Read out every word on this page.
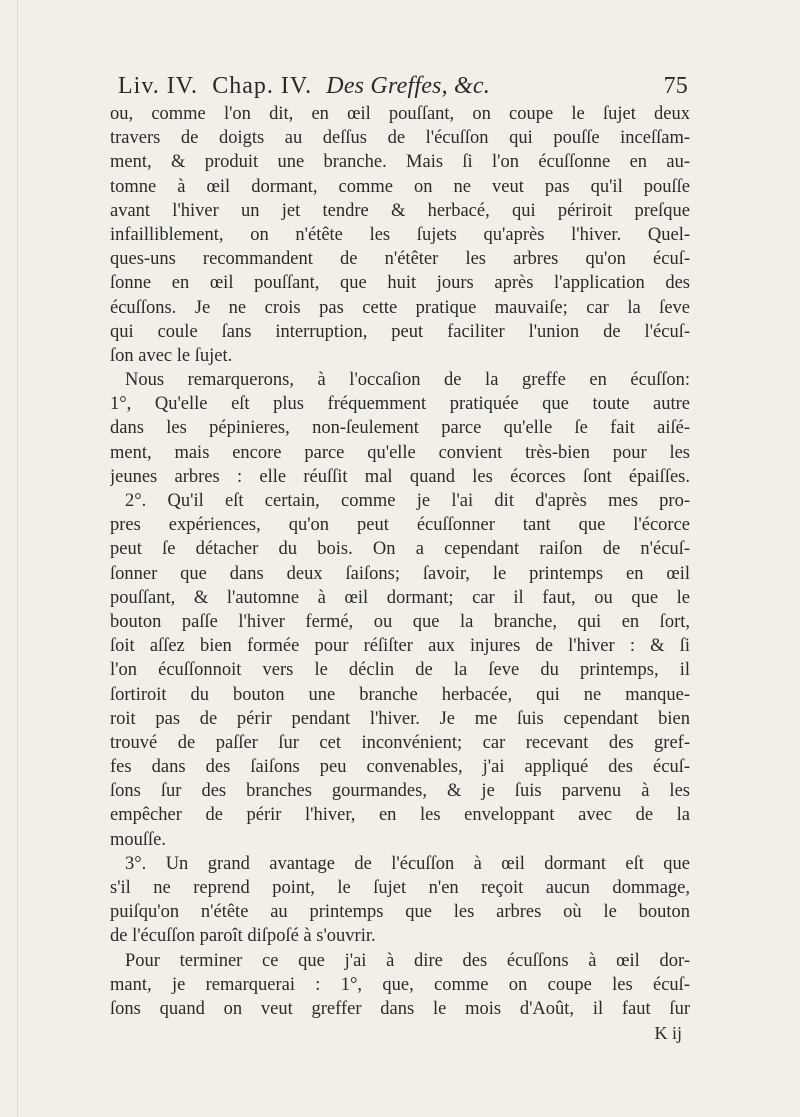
Liv. IV. Chap. IV. Des Greffes, &c.	75
ou, comme l'on dit, en œil pouſſant, on coupe le ſujet deux
travers de doigts au deſſus de l'écuſſon qui pouſſe inceſſam-
ment, & produit une branche. Mais ſi l'on écuſſonne en au-
tomne à œil dormant, comme on ne veut pas qu'il pouſſe
avant l'hiver un jet tendre & herbacé, qui périroit preſque
infailliblement, on n'étête les ſujets qu'après l'hiver. Quel-
ques-uns recommandent de n'étêter les arbres qu'on écuſ-
ſonne en œil pouſſant, que huit jours après l'application des
écuſſons. Je ne crois pas cette pratique mauvaiſe; car la ſeve
qui coule ſans interruption, peut faciliter l'union de l'écuſ-
ſon avec le ſujet.
Nous remarquerons, à l'occaſion de la greffe en écuſſon:
1°, Qu'elle eſt plus fréquemment pratiquée que toute autre
dans les pépinieres, non-ſeulement parce qu'elle ſe fait aiſé-
ment, mais encore parce qu'elle convient très-bien pour les
jeunes arbres : elle réuſſit mal quand les écorces ſont épaiſſes.
2°. Qu'il eſt certain, comme je l'ai dit d'après mes pro-
pres expériences, qu'on peut écuſſonner tant que l'écorce
peut ſe détacher du bois. On a cependant raiſon de n'écuſ-
ſonner que dans deux ſaiſons; ſavoir, le printemps en œil
pouſſant, & l'automne à œil dormant; car il faut, ou que le
bouton paſſe l'hiver fermé, ou que la branche, qui en ſort,
ſoit aſſez bien formée pour réſiſter aux injures de l'hiver : & ſi
l'on écuſſonnoit vers le déclin de la ſeve du printemps, il
ſortiroit du bouton une branche herbacée, qui ne manque-
roit pas de périr pendant l'hiver. Je me ſuis cependant bien
trouvé de paſſer ſur cet inconvénient; car recevant des gref-
fes dans des ſaiſons peu convenables, j'ai appliqué des écuſ-
ſons ſur des branches gourmandes, & je ſuis parvenu à les
empêcher de périr l'hiver, en les enveloppant avec de la
mouſſe.
3°. Un grand avantage de l'écuſſon à œil dormant eſt que
s'il ne reprend point, le ſujet n'en reçoit aucun dommage,
puiſqu'on n'étête au printemps que les arbres où le bouton
de l'écuſſon paroît diſpoſé à s'ouvrir.
Pour terminer ce que j'ai à dire des écuſſons à œil dor-
mant, je remarquerai : 1°, que, comme on coupe les écuſ-
ſons quand on veut greffer dans le mois d'Août, il faut ſur
K ij
